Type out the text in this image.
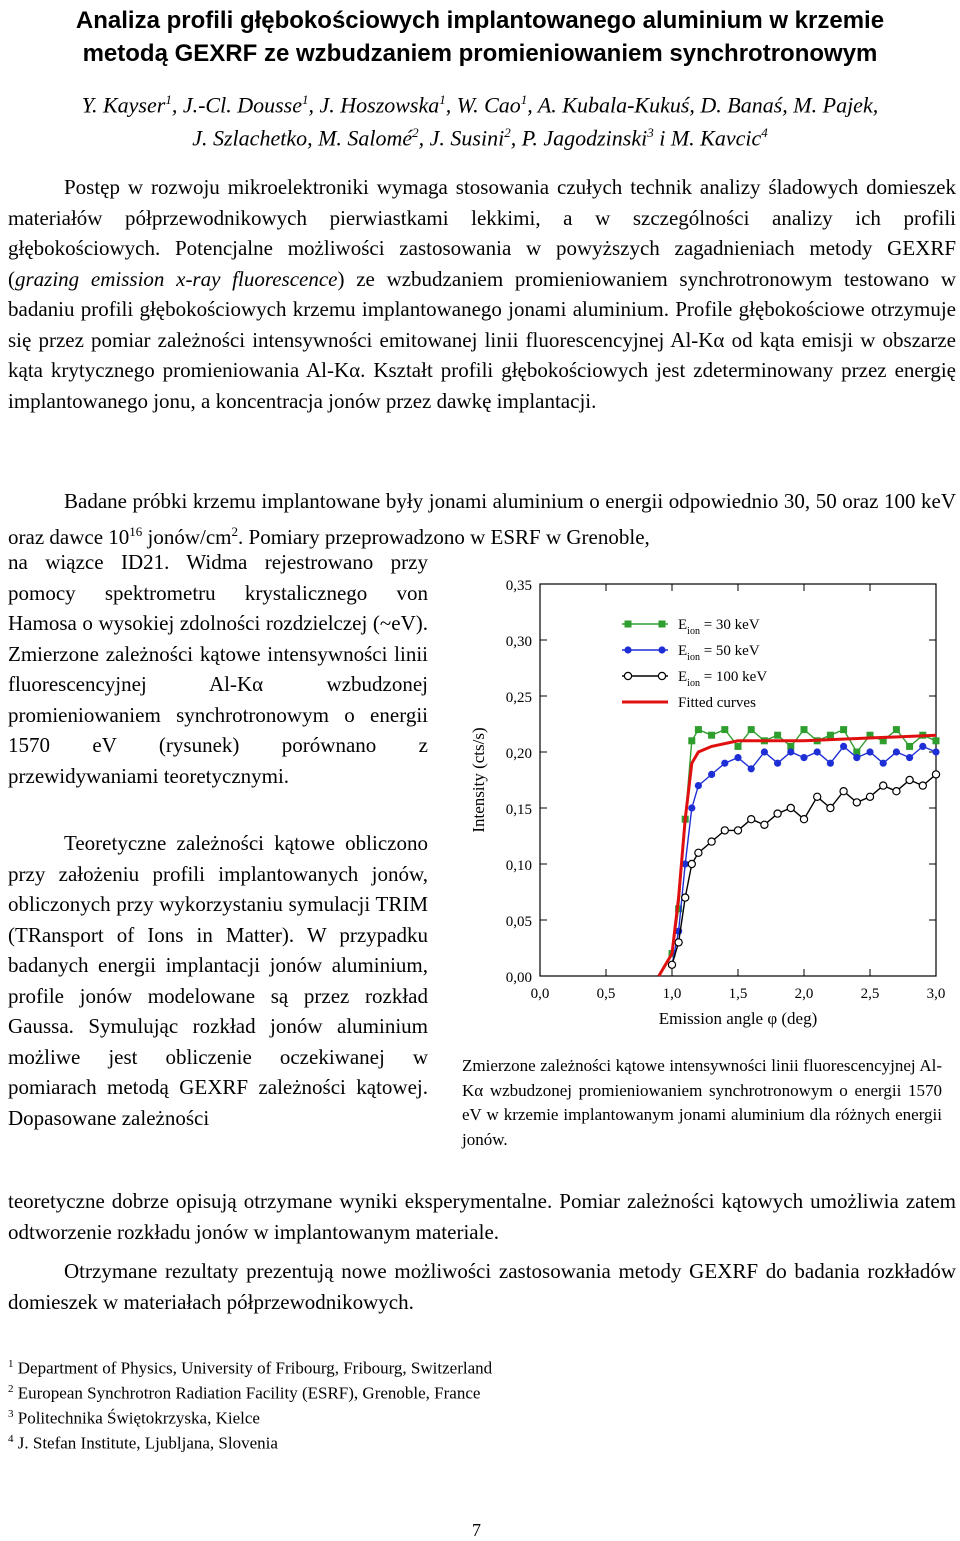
Analiza profili głębokościowych implantowanego aluminium w krzemie
metodą GEXRF ze wzbudzaniem promieniowaniem synchrotronowym
Y. Kayser$^1$, J.-Cl. Dousse$^1$, J. Hoszowska$^1$, W. Cao$^1$, A. Kubala-Kukuś, D. Banaś, M. Pajek,
J. Szlachetko, M. Salomé$^2$, J. Susini$^2$, P. Jagodzinski$^3$ i M. Kavcic$^4$

Postęp w rozwoju mikroelektroniki wymaga stosowania czułych technik analizy śladowych domieszek materiałów półprzewodnikowych pierwiastkami lekkimi, a w szczególności analizy ich profili głębokościowych. Potencjalne możliwości zastosowania w powyższych zagadnieniach metody GEXRF (grazing emission x-ray fluorescence) ze wzbudzaniem promieniowaniem synchrotronowym testowano w badaniu profili głębokościowych krzemu implantowanego jonami aluminium. Profile głębokościowe otrzymuje się przez pomiar zależności intensywności emitowanej linii fluorescencyjnej Al-Kα od kąta emisji w obszarze kąta krytycznego promieniowania Al-Kα. Kształt profili głębokościowych jest zdeterminowany przez energię implantowanego jonu, a koncentracja jonów przez dawkę implantacji.

Badane próbki krzemu implantowane były jonami aluminium o energii odpowiednio 30, 50 oraz 100 keV oraz dawce $10^{16}$ jonów/$cm^2$. Pomiary przeprowadzono w ESRF w Grenoble,

na wiązce ID21. Widma rejestrowano przy pomocy spektrometru krystalicznego von Hamosa o wysokiej zdolności rozdzielczej (~eV). Zmierzone zależności kątowe intensywności linii fluorescencyjnej Al-Kα wzbudzonej promieniowaniem synchrotronowym o energii 1570 eV (rysunek) porównano z przewidywaniami teoretycznymi.

Teoretyczne zależności kątowe obliczono przy założeniu profili implantowanych jonów, obliczonych przy wykorzystaniu symulacji TRIM (TRansport of Ions in Matter). W przypadku badanych energii implantacji jonów aluminium, profile jonów modelowane są przez rozkład Gaussa. Symulując rozkład jonów aluminium możliwe jest obliczenie oczekiwanej w pomiarach metodą GEXRF zależności kątowej. Dopasowane zależności

teoretyczne dobrze opisują otrzymane wyniki eksperymentalne. Pomiar zależności kątowych umożliwia zatem odtworzenie rozkładu jonów w implantowanym materiale.

Otrzymane rezultaty prezentują nowe możliwości zastosowania metody GEXRF do badania rozkładów domieszek w materiałach półprzewodnikowych.

0,00
0,05
0,10
0,15
0,20
0,25
0,30
0,35
0,0	0,5	1,0	1,5	2,0	2,5	3,0
Emission angle φ (deg)
Intensity (cts/s)
$E_{ion} = 30$ keV
$E_{ion} = 50$ keV
$E_{ion} = 100$ keV
Fitted curves
Zmierzone zależności kątowe intensywności linii fluorescencyjnej Al-Kα wzbudzonej promieniowaniem synchrotronowym o energii 1570 eV w krzemie implantowanym jonami aluminium dla różnych energii jonów.
$^1$ Department of Physics, University of Fribourg, Fribourg, Switzerland
$^2$ European Synchrotron Radiation Facility (ESRF), Grenoble, France
$^3$ Politechnika Świętokrzyska, Kielce
$^4$ J. Stefan Institute, Ljubljana, Slovenia
7
